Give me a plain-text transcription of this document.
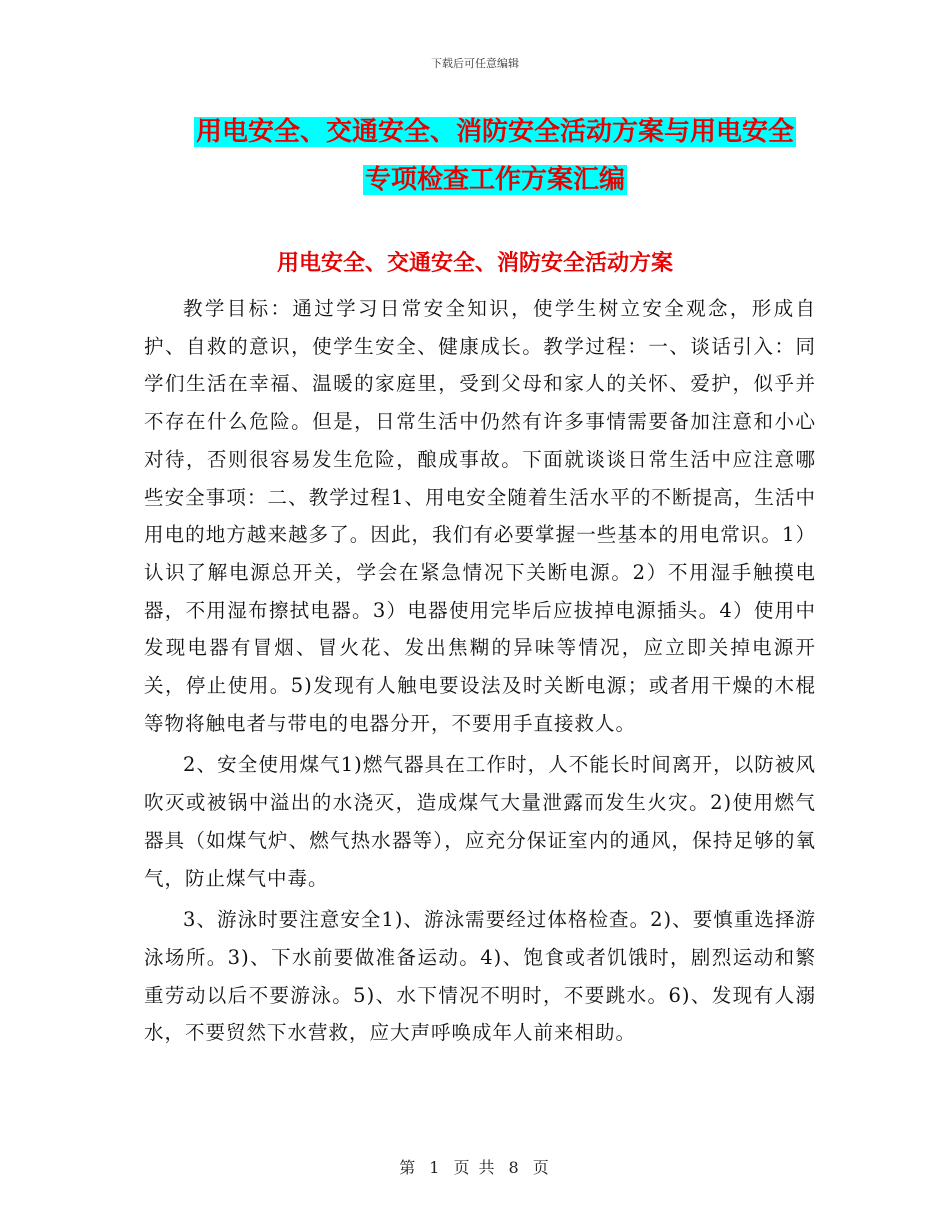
下载后可任意编辑
用电安全、交通安全、消防安全活动方案与用电安全
专项检查工作方案汇编
用电安全、交通安全、消防安全活动方案

教学目标：通过学习日常安全知识，使学生树立安全观念，形成自护、自救的意识，使学生安全、健康成长。教学过程：一、谈话引入：同学们生活在幸福、温暖的家庭里，受到父母和家人的关怀、爱护，似乎并不存在什么危险。但是，日常生活中仍然有许多事情需要备加注意和小心对待，否则很容易发生危险，酿成事故。下面就谈谈日常生活中应注意哪些安全事项：二、教学过程1、用电安全随着生活水平的不断提高，生活中用电的地方越来越多了。因此，我们有必要掌握一些基本的用电常识。1）认识了解电源总开关，学会在紧急情况下关断电源。2）不用湿手触摸电器，不用湿布擦拭电器。3）电器使用完毕后应拔掉电源插头。4）使用中发现电器有冒烟、冒火花、发出焦糊的异味等情况，应立即关掉电源开关，停止使用。5)发现有人触电要设法及时关断电源；或者用干燥的木棍等物将触电者与带电的电器分开，不要用手直接救人。

2、安全使用煤气1)燃气器具在工作时，人不能长时间离开，以防被风吹灭或被锅中溢出的水浇灭，造成煤气大量泄露而发生火灾。2)使用燃气器具（如煤气炉、燃气热水器等），应充分保证室内的通风，保持足够的氧气，防止煤气中毒。

3、游泳时要注意安全1)、游泳需要经过体格检查。2)、要慎重选择游泳场所。3)、下水前要做准备运动。4)、饱食或者饥饿时，剧烈运动和繁重劳动以后不要游泳。5)、水下情况不明时，不要跳水。6)、发现有人溺水，不要贸然下水营救，应大声呼唤成年人前来相助。

第 1 页 共 8 页
